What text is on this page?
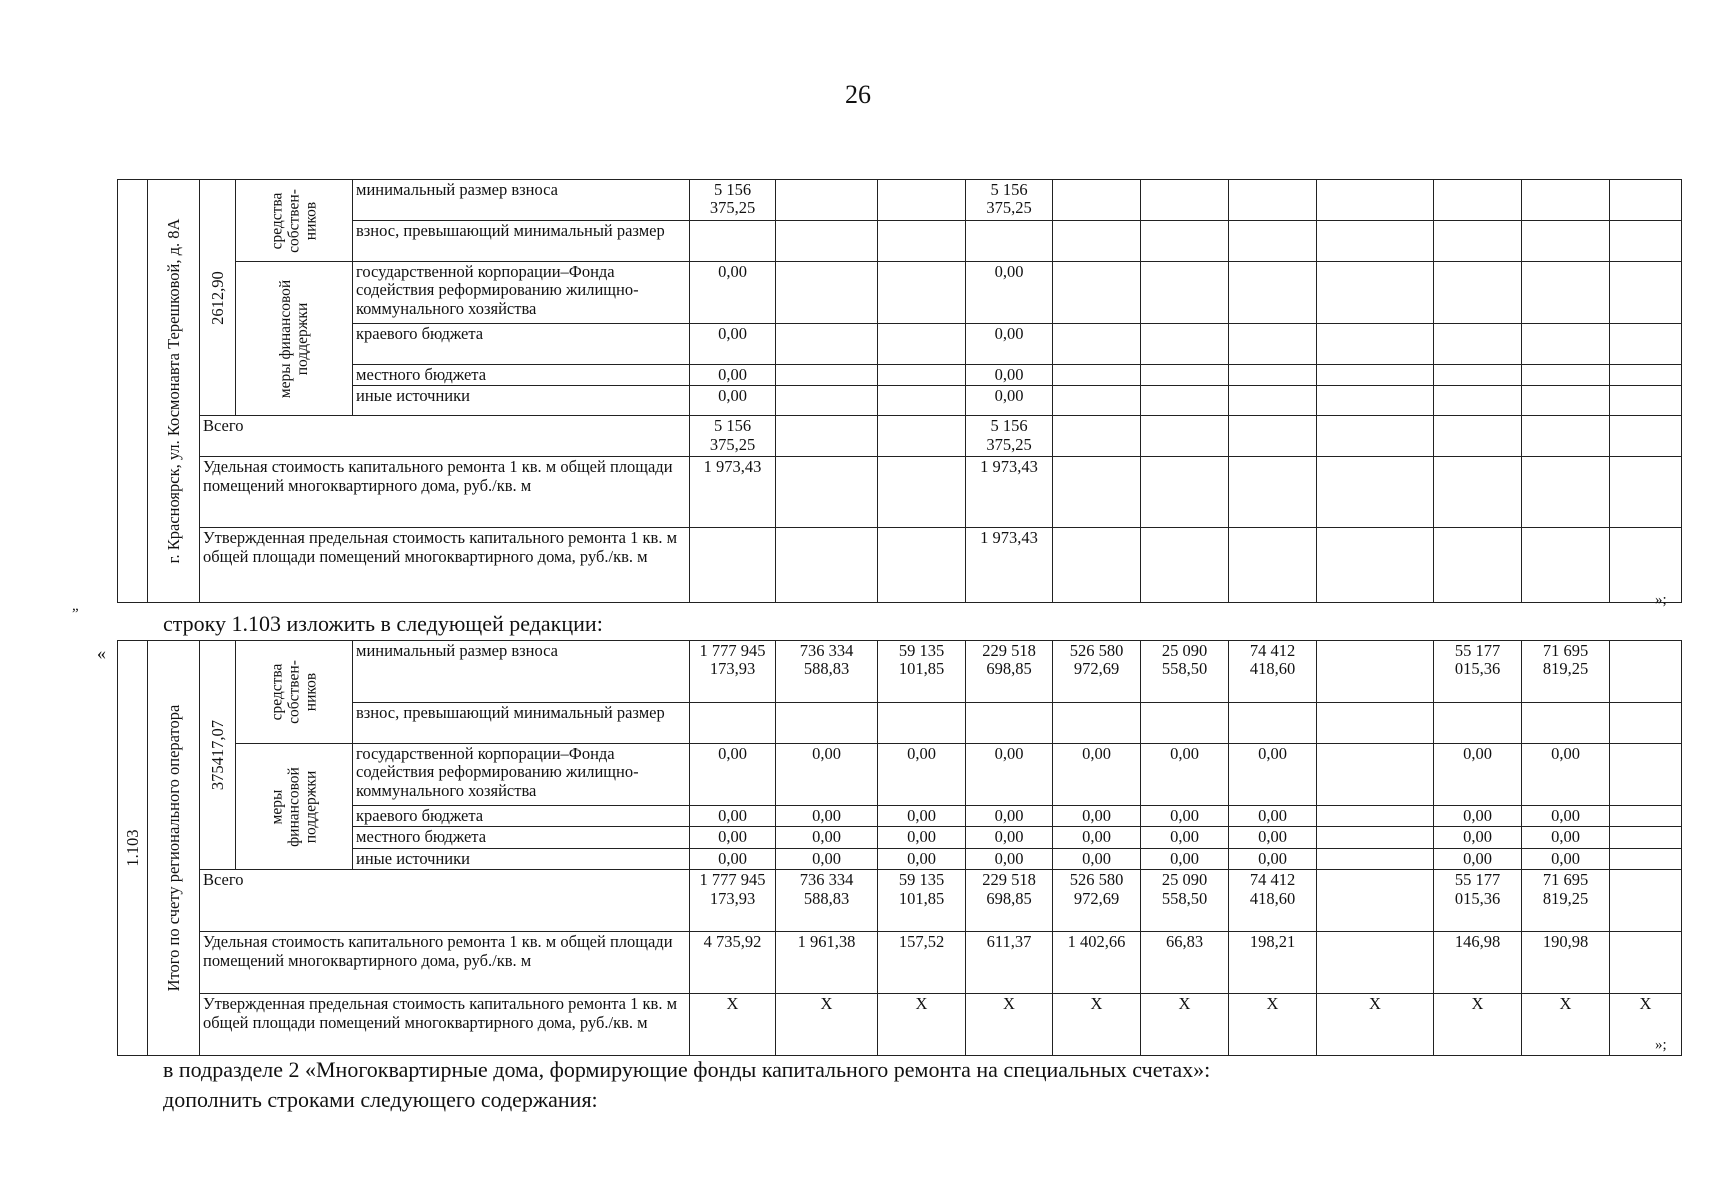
26

	г. Красноярск, ул. Космонавта Терешковой, д. 8А	2612,90	средства собствен-ников	минимальный размер взноса	5 156 375,25			5 156 375,25							
				взнос, превышающий минимальный размер											

			меры финансовой поддержки	государственной корпорации–Фонда содействия реформированию жилищно-коммунального хозяйства	0,00			0,00							
				краевого бюджета	0,00			0,00							
				местного бюджета	0,00			0,00							
				иные источники	0,00			0,00							
		Всего			5 156 375,25			5 156 375,25							
		Удельная стоимость капитального ремонта 1 кв. м общей площади помещений многоквартирного дома, руб./кв. м			1 973,43			1 973,43							
		Утвержденная предельная стоимость капитального ремонта 1 кв. м общей площади помещений многоквартирного дома, руб./кв. м						1 973,43							
»;
„
строку 1.103 изложить в следующей редакции:
«
1.103	Итого по счету регионального оператора	375417,07	средства собствен-ников	минимальный размер взноса	1 777 945 173,93	736 334 588,83	59 135 101,85	229 518 698,85	526 580 972,69	25 090 558,50	74 412 418,60		55 177 015,36	71 695 819,25	
				взнос, превышающий минимальный размер											

			меры финансовой поддержки	государственной корпорации–Фонда содействия реформированию жилищно-коммунального хозяйства	0,00	0,00	0,00	0,00	0,00	0,00	0,00		0,00	0,00	
				краевого бюджета	0,00	0,00	0,00	0,00	0,00	0,00	0,00		0,00	0,00	
				местного бюджета	0,00	0,00	0,00	0,00	0,00	0,00	0,00		0,00	0,00	
				иные источники	0,00	0,00	0,00	0,00	0,00	0,00	0,00		0,00	0,00	
		Всего			1 777 945 173,93	736 334 588,83	59 135 101,85	229 518 698,85	526 580 972,69	25 090 558,50	74 412 418,60		55 177 015,36	71 695 819,25	
		Удельная стоимость капитального ремонта 1 кв. м общей площади помещений многоквартирного дома, руб./кв. м			4 735,92	1 961,38	157,52	611,37	1 402,66	66,83	198,21		146,98	190,98	
		Утвержденная предельная стоимость капитального ремонта 1 кв. м общей площади помещений многоквартирного дома, руб./кв. м			Х	Х	Х	Х	Х	Х	Х	Х	Х	Х	Х
»;
в подразделе 2 «Многоквартирные дома, формирующие фонды капитального ремонта на специальных счетах»:
дополнить строками следующего содержания:
